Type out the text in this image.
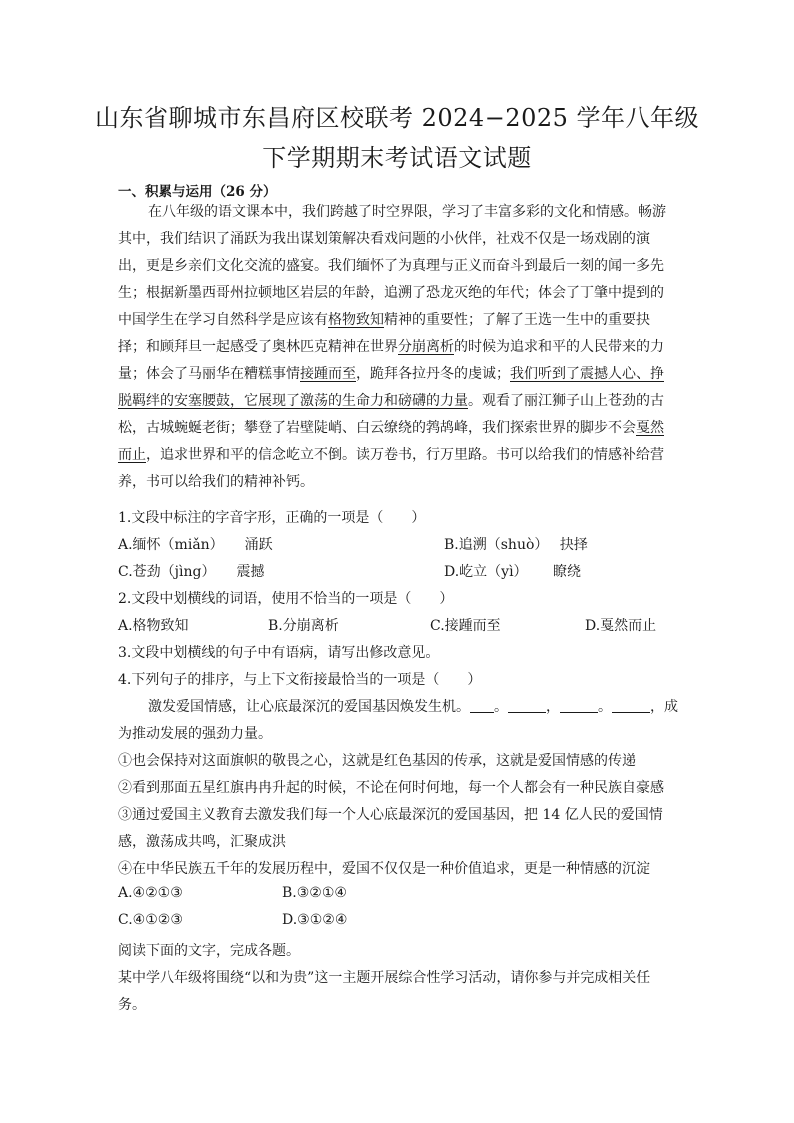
山东省聊城市东昌府区校联考 2024−2025 学年八年级
下学期期末考试语文试题
一、积累与运用（26 分）
在八年级的语文课本中，我们跨越了时空界限，学习了丰富多彩的文化和情感。畅游
其中，我们结识了涌跃为我出谋划策解决看戏问题的小伙伴，社戏不仅是一场戏剧的演
出，更是乡亲们文化交流的盛宴。我们缅怀了为真理与正义而奋斗到最后一刻的闻一多先
生；根据新墨西哥州拉顿地区岩层的年龄，追溯了恐龙灭绝的年代；体会了丁肇中提到的
中国学生在学习自然科学是应该有格物致知精神的重要性；了解了王选一生中的重要抉
择；和顾拜旦一起感受了奥林匹克精神在世界分崩离析的时候为追求和平的人民带来的力
量；体会了马丽华在糟糕事情接踵而至，跪拜各拉丹冬的虔诚；我们听到了震撼人心、挣
脱羁绊的安塞腰鼓，它展现了激荡的生命力和磅礴的力量。观看了丽江狮子山上苍劲的古
松，古城蜿蜒老街；攀登了岩壁陡峭、白云缭绕的鹁鸪峰，我们探索世界的脚步不会戛然
而止，追求世界和平的信念屹立不倒。读万卷书，行万里路。书可以给我们的情感补给营
养，书可以给我们的精神补钙。
1.文段中标注的字音字形，正确的一项是（　　）
A.缅怀（miǎn）　　涌跃	B.追溯（shuò）　 抉择
C.苍劲（jìng）　　震撼	D.屹立（yì）　　 瞭绕
2.文段中划横线的词语，使用不恰当的一项是（　　）
A.格物致知	B.分崩离析	C.接踵而至	D.戛然而止
3.文段中划横线的句子中有语病，请写出修改意见。
4.下列句子的排序，与上下文衔接最恰当的一项是（　　）
激发爱国情感，让心底最深沉的爱国基因焕发生机。 。	，	。	，成
为推动发展的强劲力量。
①也会保持对这面旗帜的敬畏之心，这就是红色基因的传承，这就是爱国情感的传递
②看到那面五星红旗冉冉升起的时候，不论在何时何地，每一个人都会有一种民族自豪感
③通过爱国主义教育去激发我们每一个人心底最深沉的爱国基因，把 14 亿人民的爱国情
感，激荡成共鸣，汇聚成洪
④在中华民族五千年的发展历程中，爱国不仅仅是一种价值追求，更是一种情感的沉淀
A.④②①③	B.③②①④
C.④①②③	D.③①②④
阅读下面的文字，完成各题。
某中学八年级将围绕“以和为贵”这一主题开展综合性学习活动，请你参与并完成相关任
务。
